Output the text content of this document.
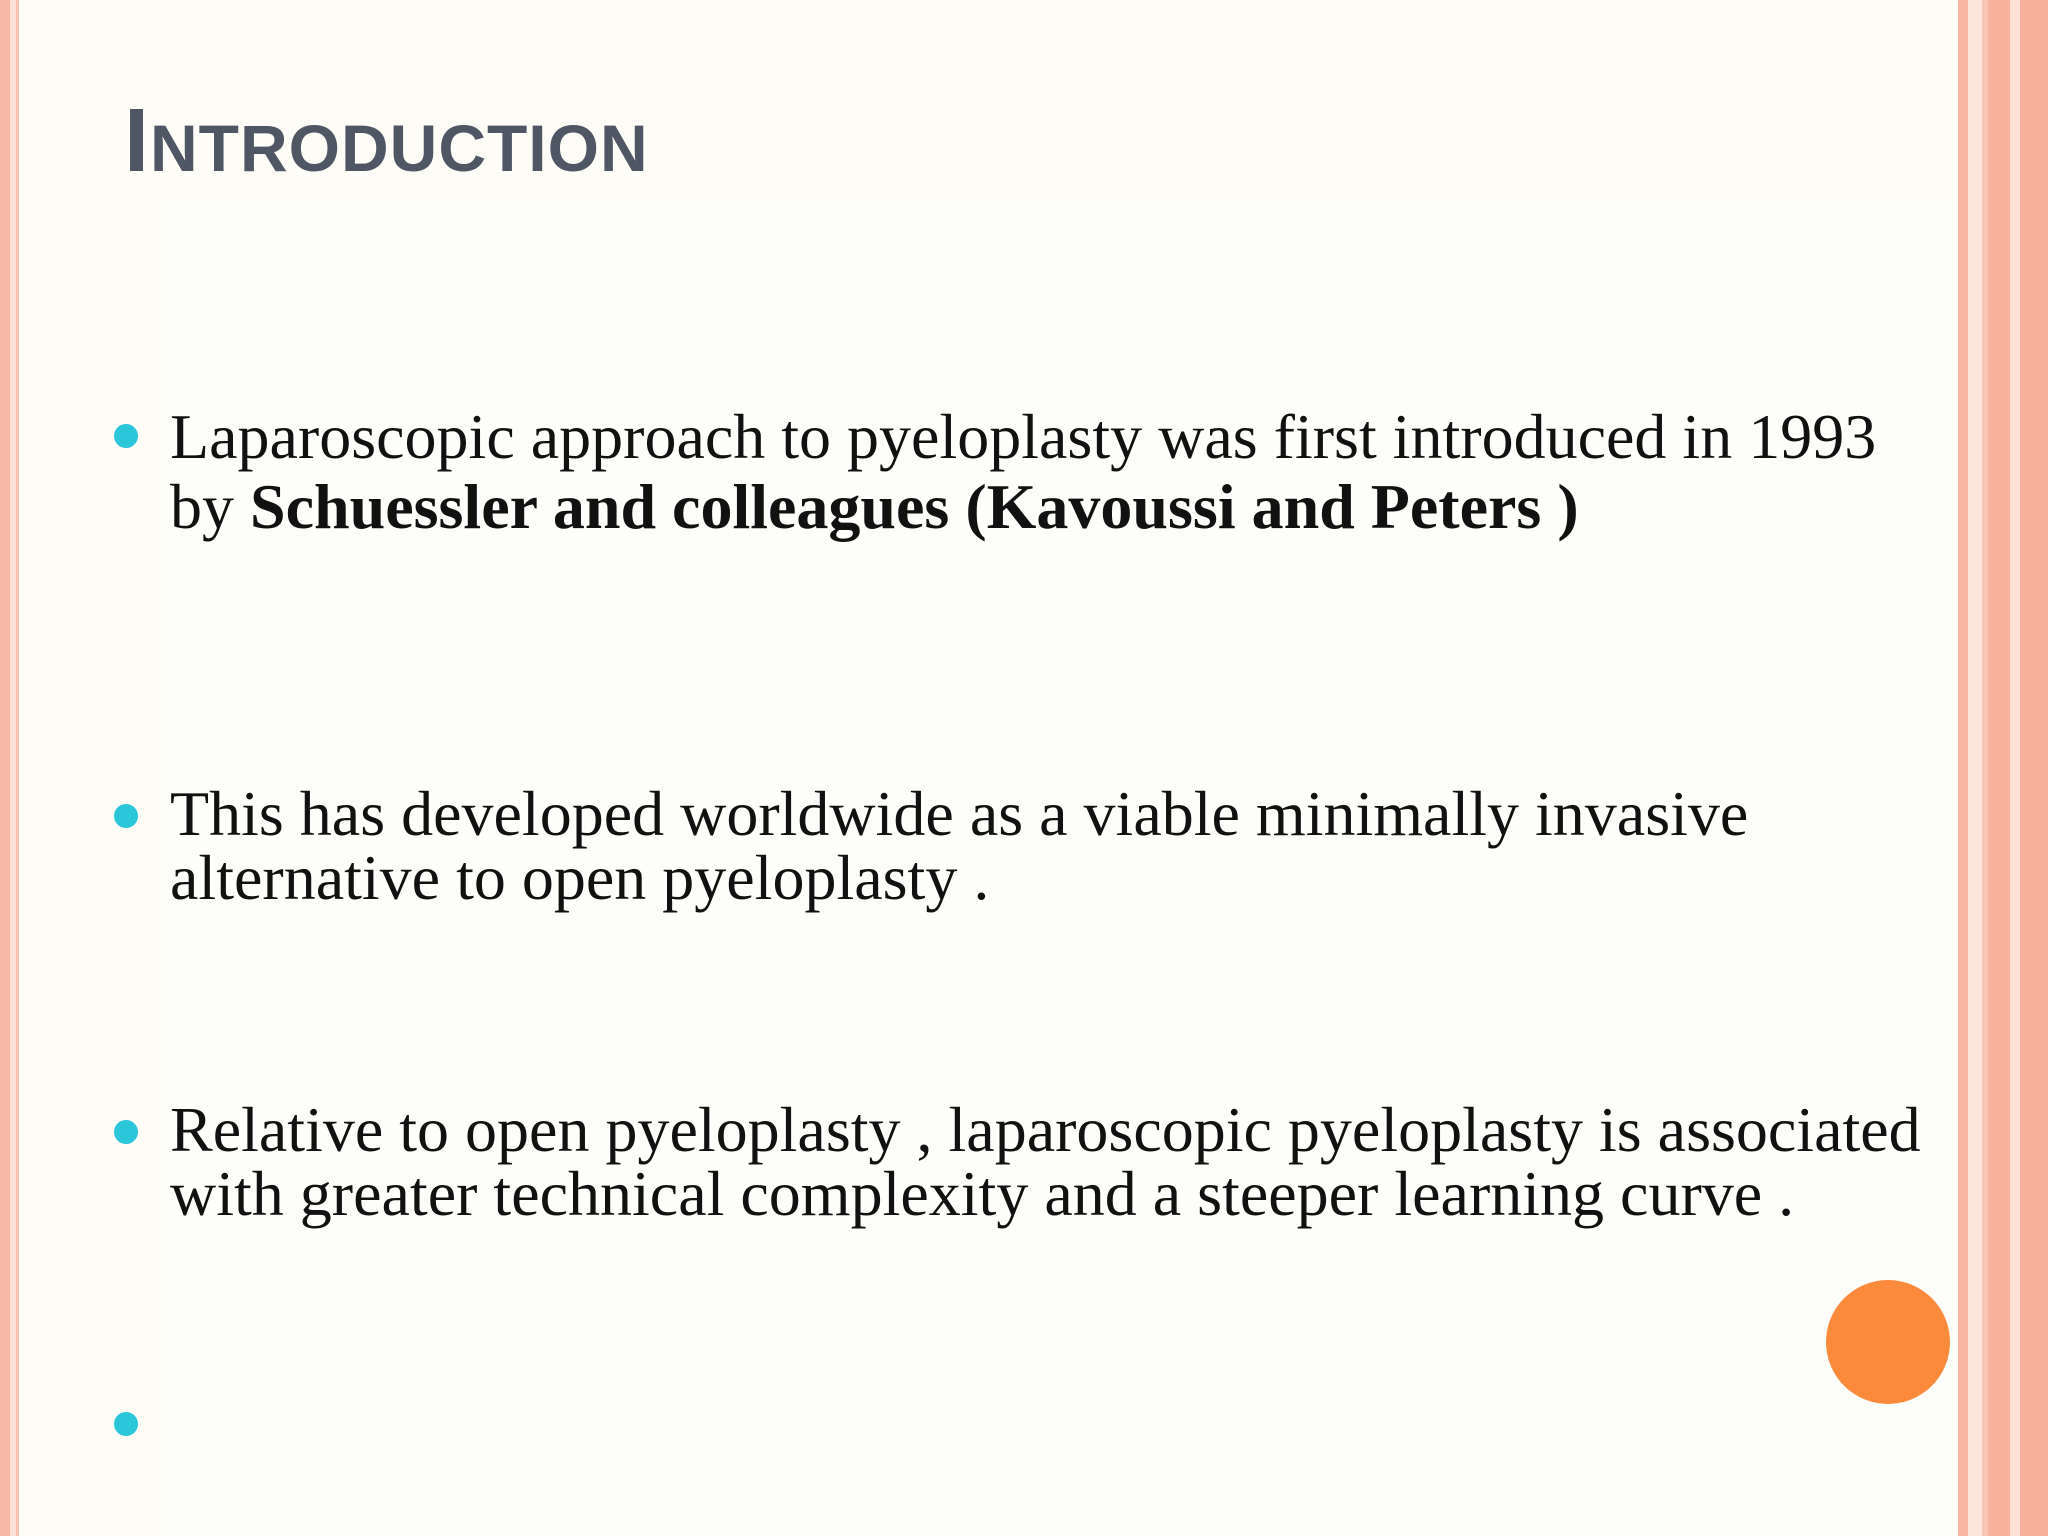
INTRODUCTION
Laparoscopic approach to pyeloplasty was first introduced in 1993 by Schuessler and colleagues (Kavoussi and Peters )
This has developed worldwide as a viable minimally invasive alternative to open pyeloplasty .
Relative to open pyeloplasty , laparoscopic pyeloplasty is associated with greater technical complexity and a steeper learning curve .
